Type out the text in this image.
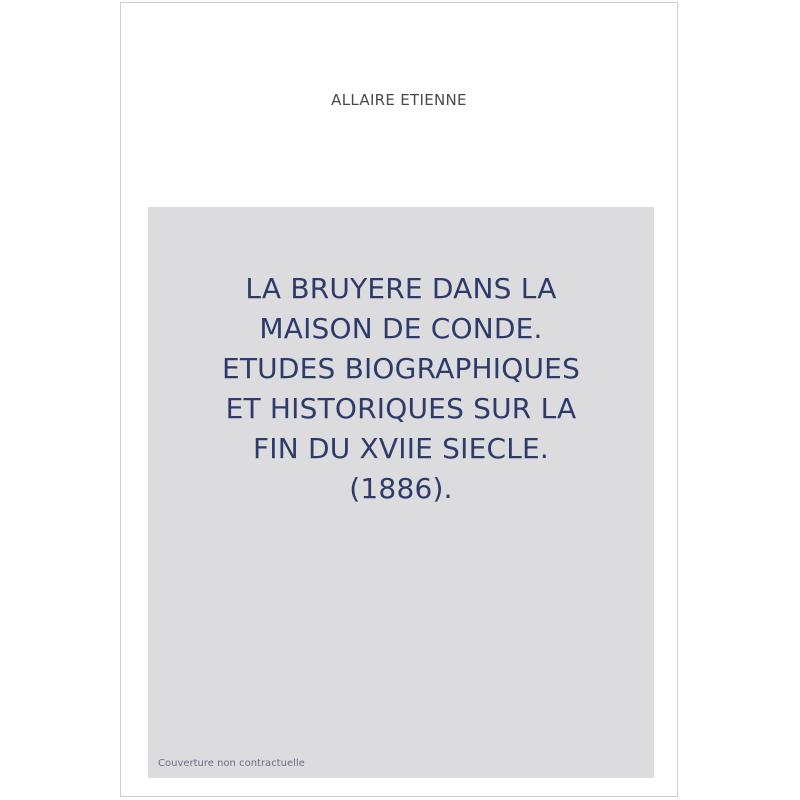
ALLAIRE ETIENNE
LA BRUYERE DANS LA
MAISON DE CONDE.
ETUDES BIOGRAPHIQUES
ET HISTORIQUES SUR LA
FIN DU XVIIE SIECLE.
(1886).
Couverture non contractuelle
